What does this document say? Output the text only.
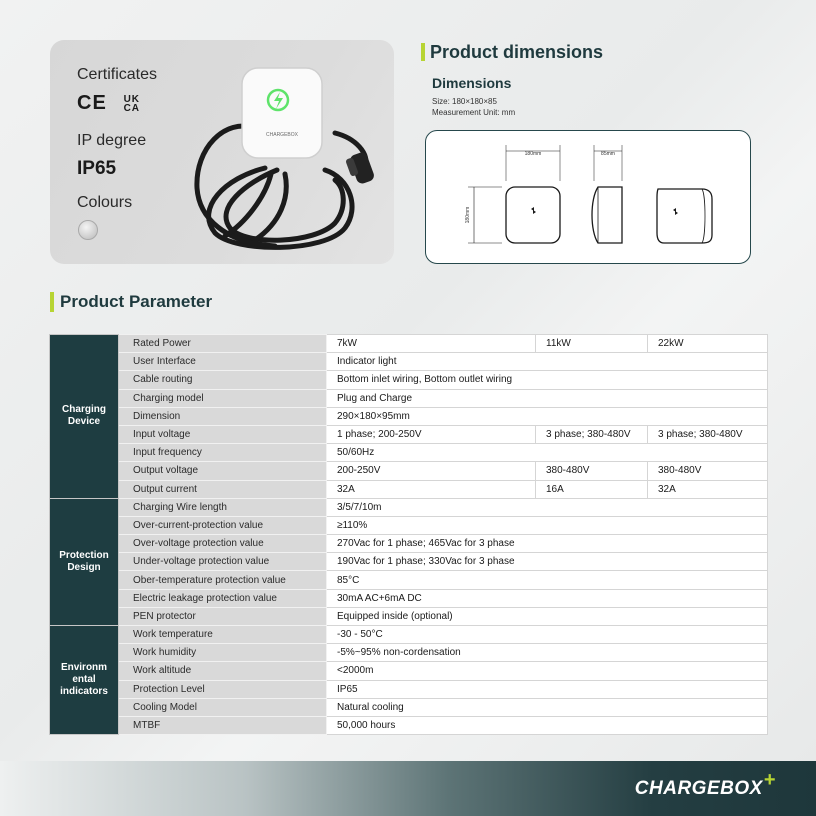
Certificates
CE UK CA
IP degree
IP65
Colours
CHARGEBOX
Product dimensions
Dimensions
Size: 180×180×85
Measurement Unit: mm
180mm	85mm
180mm
Product Parameter
Charging Device	Rated Power	7kW	11kW	22kW
	User Interface	Indicator light		
	Cable routing	Bottom inlet wiring, Bottom outlet wiring		
	Charging model	Plug and Charge		
	Dimension	290×180×95mm		
	Input voltage	1 phase; 200-250V	3 phase; 380-480V	3 phase; 380-480V
	Input frequency	50/60Hz		
	Output voltage	200-250V	380-480V	380-480V
	Output current	32A	16A	32A
Protection Design	Charging Wire length	3/5/7/10m		
	Over-current-protection value	≥110%		
	Over-voltage protection value	270Vac for 1 phase; 465Vac for 3 phase		
	Under-voltage protection value	190Vac for 1 phase; 330Vac for 3 phase		
	Ober-temperature protection value	85°C		
	Electric leakage protection value	30mA AC+6mA DC		
	PEN protector	Equipped inside (optional)		
Environm ental indicators	Work temperature	-30 - 50°C		
	Work humidity	-5%~95% non-cordensation		
	Work altitude	<2000m		
	Protection Level	IP65		
	Cooling Model	Natural cooling		
	MTBF	50,000 hours		
CHARGEBOX+
